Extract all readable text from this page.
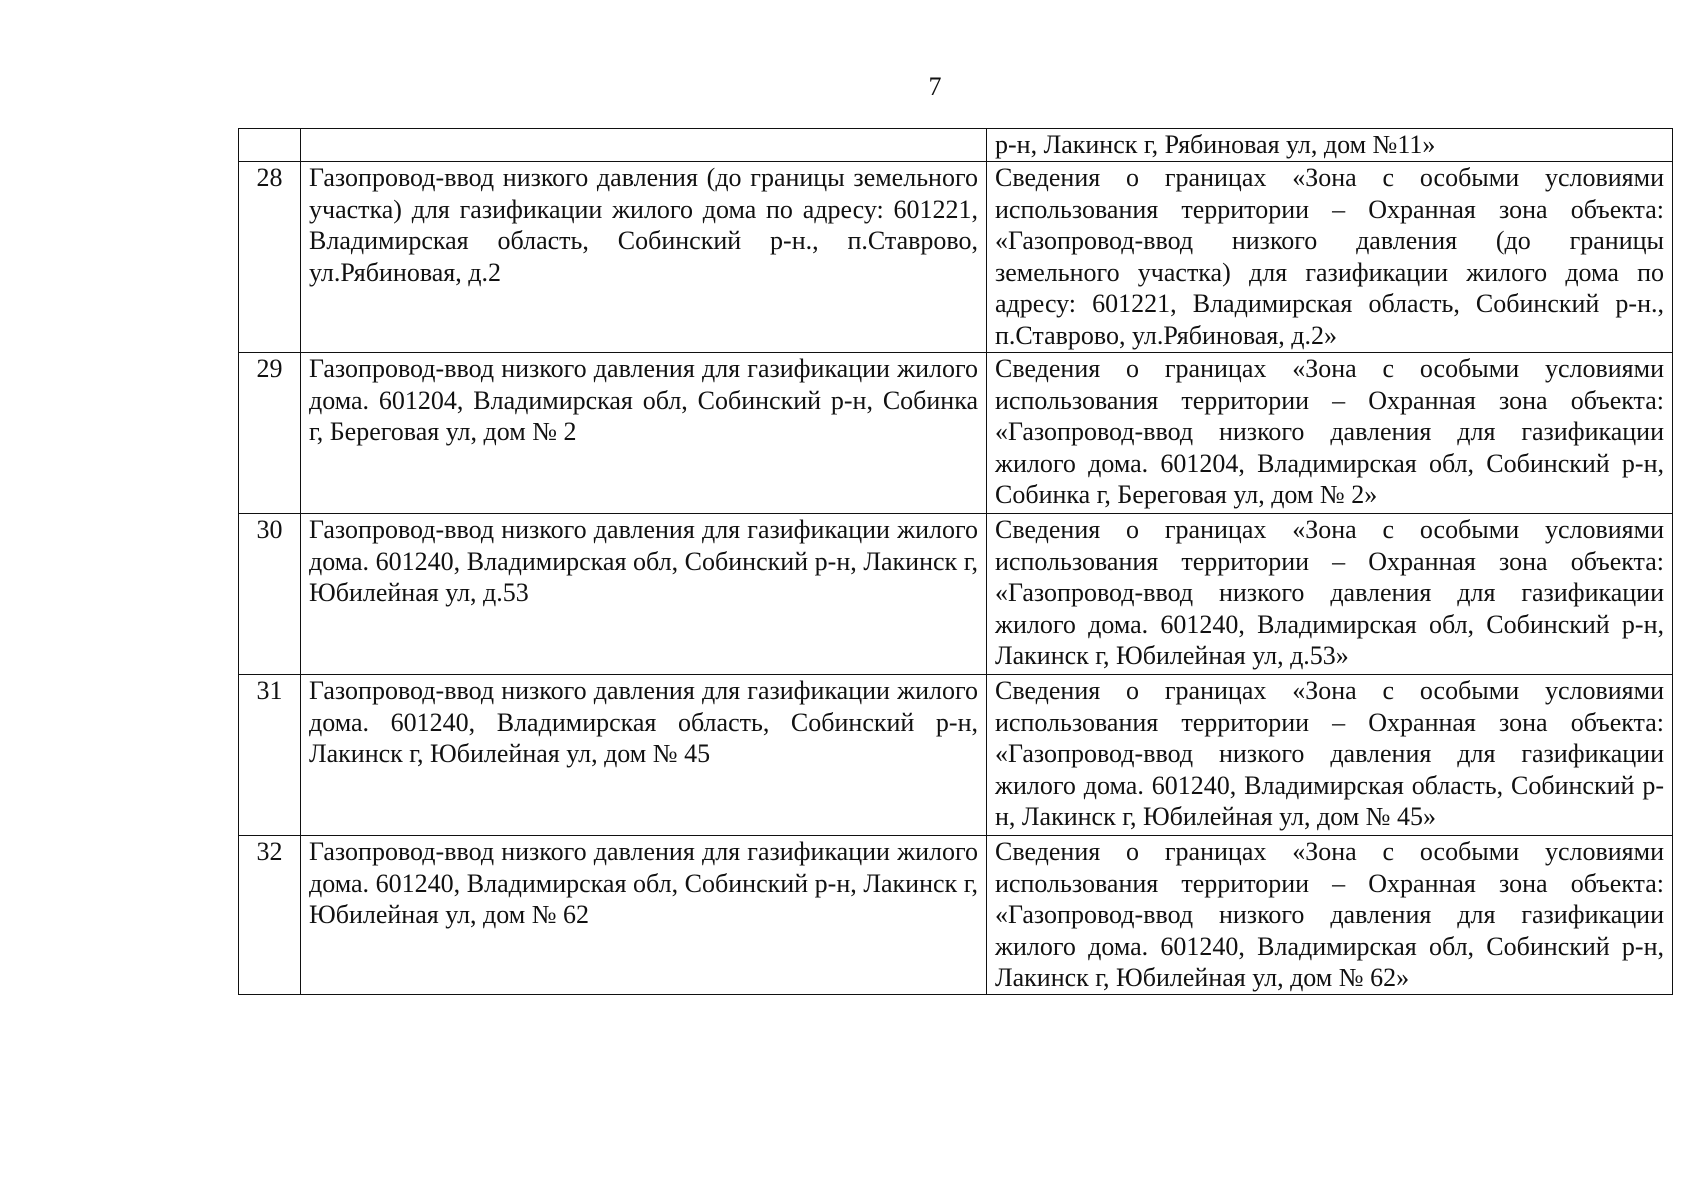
7
		р-н, Лакинск г, Рябиновая ул, дом №11»
28	Газопровод-ввод низкого давления (до границы земельного участка) для газификации жилого дома по адресу: 601221, Владимирская область, Собинский р-н., п.Ставрово, ул.Рябиновая, д.2	Сведения о границах «Зона с особыми условиями использования территории – Охранная зона объекта: «Газопровод-ввод низкого давления (до границы земельного участка) для газификации жилого дома по адресу: 601221, Владимирская область, Собинский р-н., п.Ставрово, ул.Рябиновая, д.2»
29	Газопровод-ввод низкого давления для газификации жилого дома. 601204, Владимирская обл, Собинский р-н, Собинка г, Береговая ул, дом № 2	Сведения о границах «Зона с особыми условиями использования территории – Охранная зона объекта: «Газопровод-ввод низкого давления для газификации жилого дома. 601204, Владимирская обл, Собинский р-н, Собинка г, Береговая ул, дом № 2»
30	Газопровод-ввод низкого давления для газификации жилого дома. 601240, Владимирская обл, Собинский р-н, Лакинск г, Юбилейная ул, д.53	Сведения о границах «Зона с особыми условиями использования территории – Охранная зона объекта: «Газопровод-ввод низкого давления для газификации жилого дома. 601240, Владимирская обл, Собинский р-н, Лакинск г, Юбилейная ул, д.53»
31	Газопровод-ввод низкого давления для газификации жилого дома. 601240, Владимирская область, Собинский р-н, Лакинск г, Юбилейная ул, дом № 45	Сведения о границах «Зона с особыми условиями использования территории – Охранная зона объекта: «Газопровод-ввод низкого давления для газификации жилого дома. 601240, Владимирская область, Собинский р-н, Лакинск г, Юбилейная ул, дом № 45»
32	Газопровод-ввод низкого давления для газификации жилого дома. 601240, Владимирская обл, Собинский р-н, Лакинск г, Юбилейная ул, дом № 62	Сведения о границах «Зона с особыми условиями использования территории – Охранная зона объекта: «Газопровод-ввод низкого давления для газификации жилого дома. 601240, Владимирская обл, Собинский р-н, Лакинск г, Юбилейная ул, дом № 62»
